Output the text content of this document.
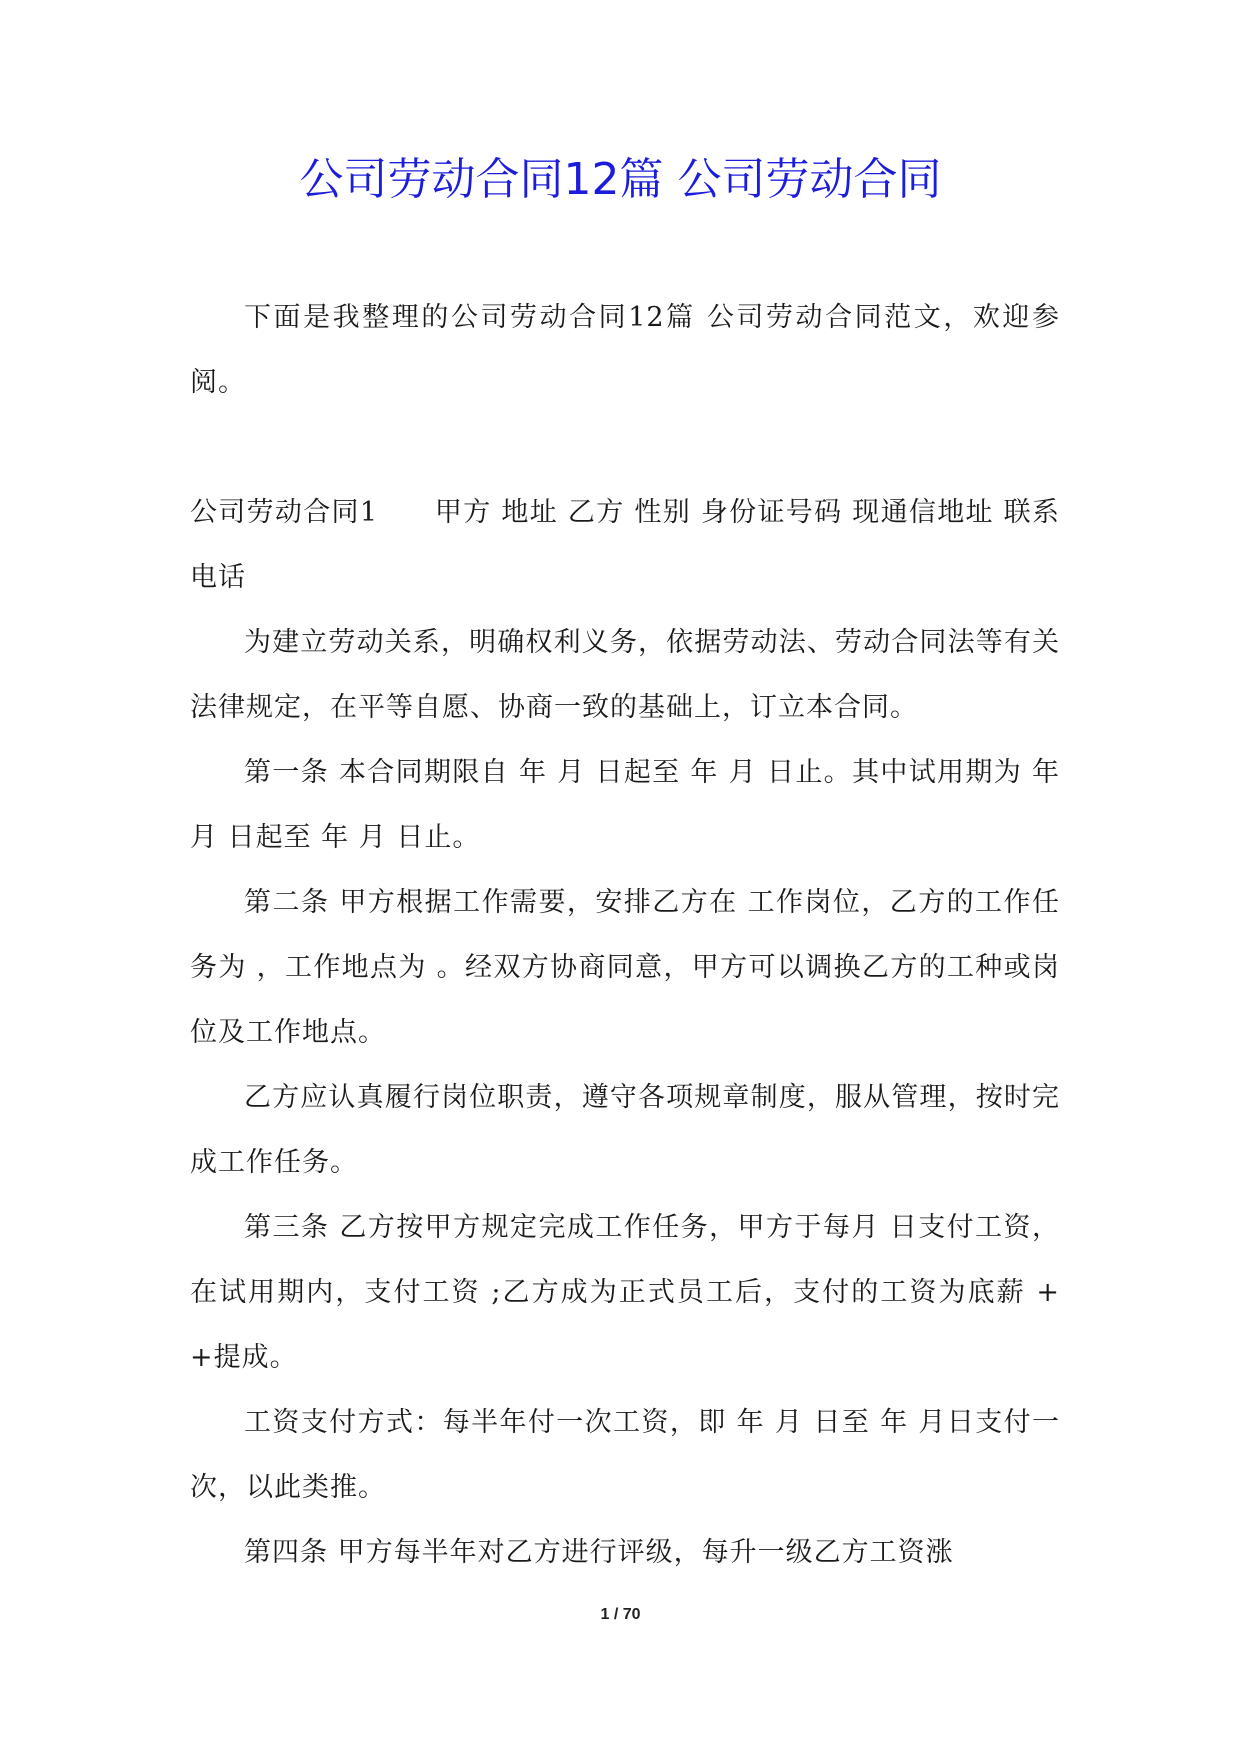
公司劳动合同12篇 公司劳动合同

下面是我整理的公司劳动合同12篇 公司劳动合同范文，欢迎参阅。

公司劳动合同1　　甲方 地址 乙方 性别 身份证号码 现通信地址 联系电话

为建立劳动关系，明确权利义务，依据劳动法、劳动合同法等有关法律规定，在平等自愿、协商一致的基础上，订立本合同。

第一条 本合同期限自 年 月 日起至 年 月 日止。其中试用期为 年 月 日起至 年 月 日止。

第二条 甲方根据工作需要，安排乙方在 工作岗位，乙方的工作任务为 ，工作地点为 。经双方协商同意，甲方可以调换乙方的工种或岗位及工作地点。

乙方应认真履行岗位职责，遵守各项规章制度，服从管理，按时完成工作任务。

第三条 乙方按甲方规定完成工作任务，甲方于每月 日支付工资，在试用期内，支付工资 ;乙方成为正式员工后，支付的工资为底薪 + +提成。

工资支付方式：每半年付一次工资，即 年 月 日至 年 月日支付一次，以此类推。

第四条 甲方每半年对乙方进行评级，每升一级乙方工资涨

1 / 70
